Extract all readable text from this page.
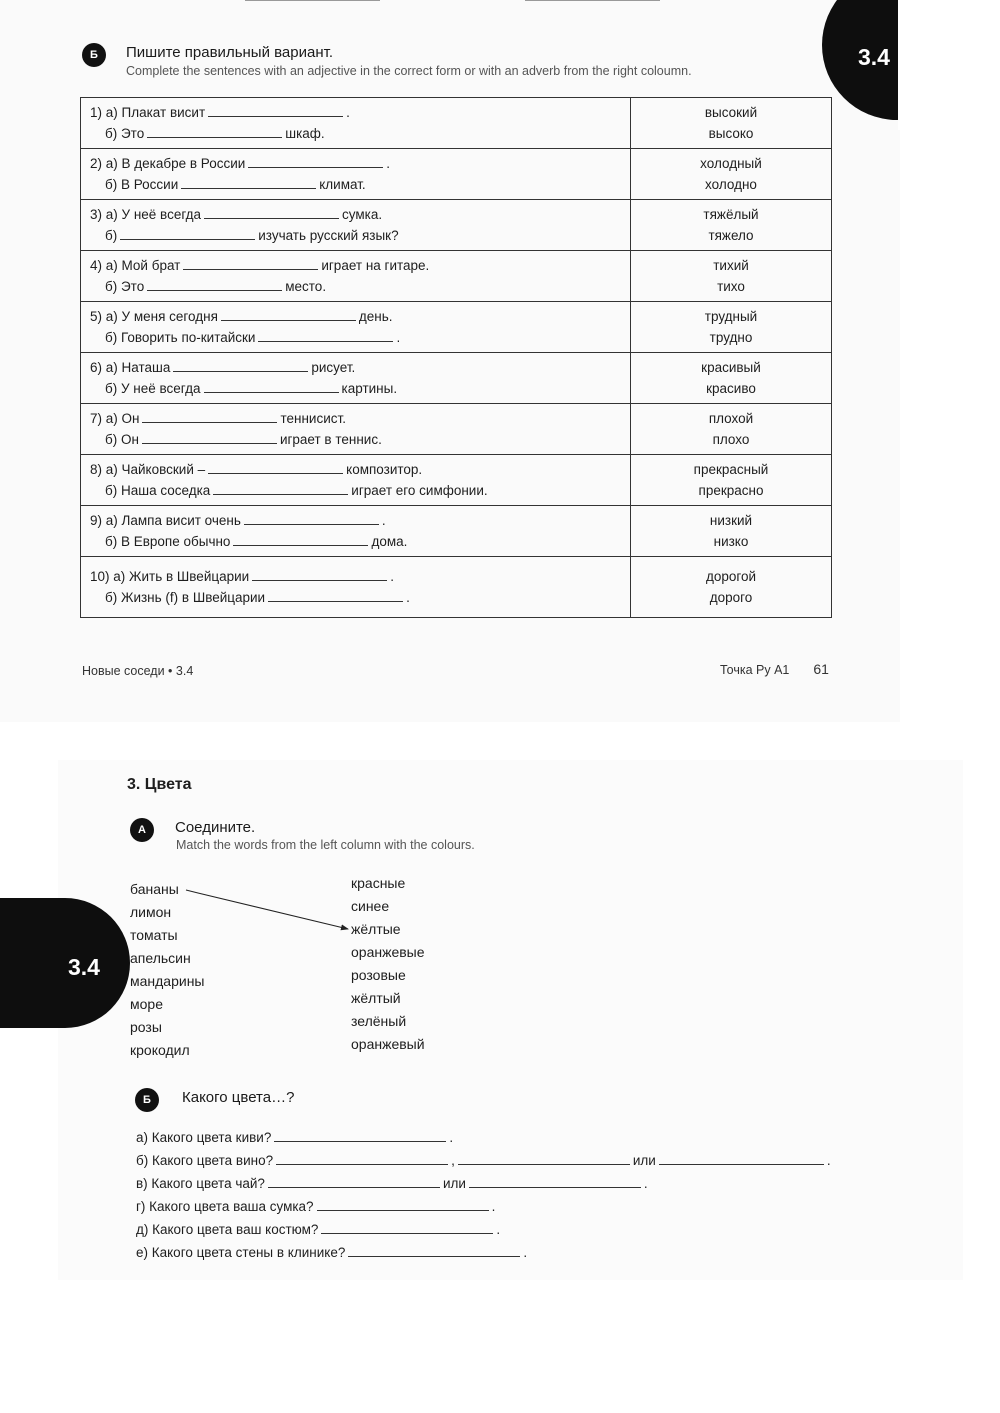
3.4
Б	Пишите правильный вариант.
Complete the sentences with an adjective in the correct form or with an adverb from the right coloumn.
1) а) Плакат висит .
б) Это шкаф.	высокий
высоко

2) а) В декабре в России .
б) В России климат.	холодный
холодно

3) а) У неё всегда сумка.
б) изучать русский язык?	тяжёлый
тяжело

4) а) Мой брат играет на гитаре.
б) Это место.	тихий
тихо

5) а) У меня сегодня день.
б) Говорить по-китайски .	трудный
трудно

6) а) Наташа рисует.
б) У неё всегда картины.	красивый
красиво

7) а) Он теннисист.
б) Он играет в теннис.	плохой
плохо

8) а) Чайковский – композитор.
б) Наша соседка играет его симфонии.	прекрасный
прекрасно

9) а) Лампа висит очень .
б) В Европе обычно дома.	низкий
низко

10) а) Жить в Швейцарии .
б) Жизнь (f) в Швейцарии .	дорогой
дорого
Новые соседи • 3.4	Точка Ру А1 61
3.4
3. Цвета
А	Соедините.
Match the words from the left column with the colours.
бананы
лимон
томаты
апельсин
мандарины
море
розы
крокодил
красные
синее
жёлтые
оранжевые
розовые
жёлтый
зелёный
оранжевый
Б	Какого цвета…?
а) Какого цвета киви?	.
б) Какого цвета вино?	,	или	.
в) Какого цвета чай?	или	.
г) Какого цвета ваша сумка?	.
д) Какого цвета ваш костюм?	.
е) Какого цвета стены в клинике?	.
